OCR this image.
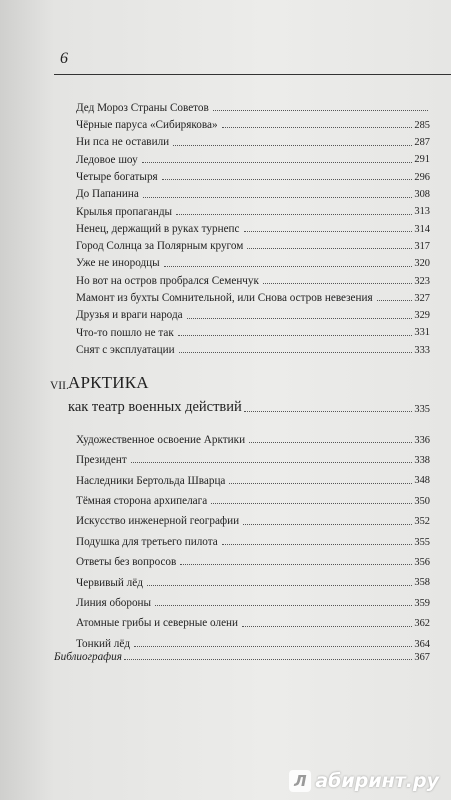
6
Дед Мороз Страны Советов
Чёрные паруса «Сибирякова»	285
Ни пса не оставили	287
Ледовое шоу	291
Четыре богатыря	296
До Папанина	308
Крылья пропаганды	313
Ненец, держащий в руках турнепс	314
Город Солнца за Полярным кругом	317
Уже не инородцы	320
Но вот на остров пробрался Семенчук	323
Мамонт из бухты Сомнительной, или Снова остров невезения	327
Друзья и враги народа	329
Что-то пошло не так	331
Снят с эксплуатации	333
VII. АРКТИКА
как театр военных действий	335
Художественное освоение Арктики	336
Президент	338
Наследники Бертольда Шварца	348
Тёмная сторона архипелага	350
Искусство инженерной географии	352
Подушка для третьего пилота	355
Ответы без вопросов	356
Червивый лёд	358
Линия обороны	359
Атомные грибы и северные олени	362
Тонкий лёд	364
Библиография	367
Л абиринт.ру
